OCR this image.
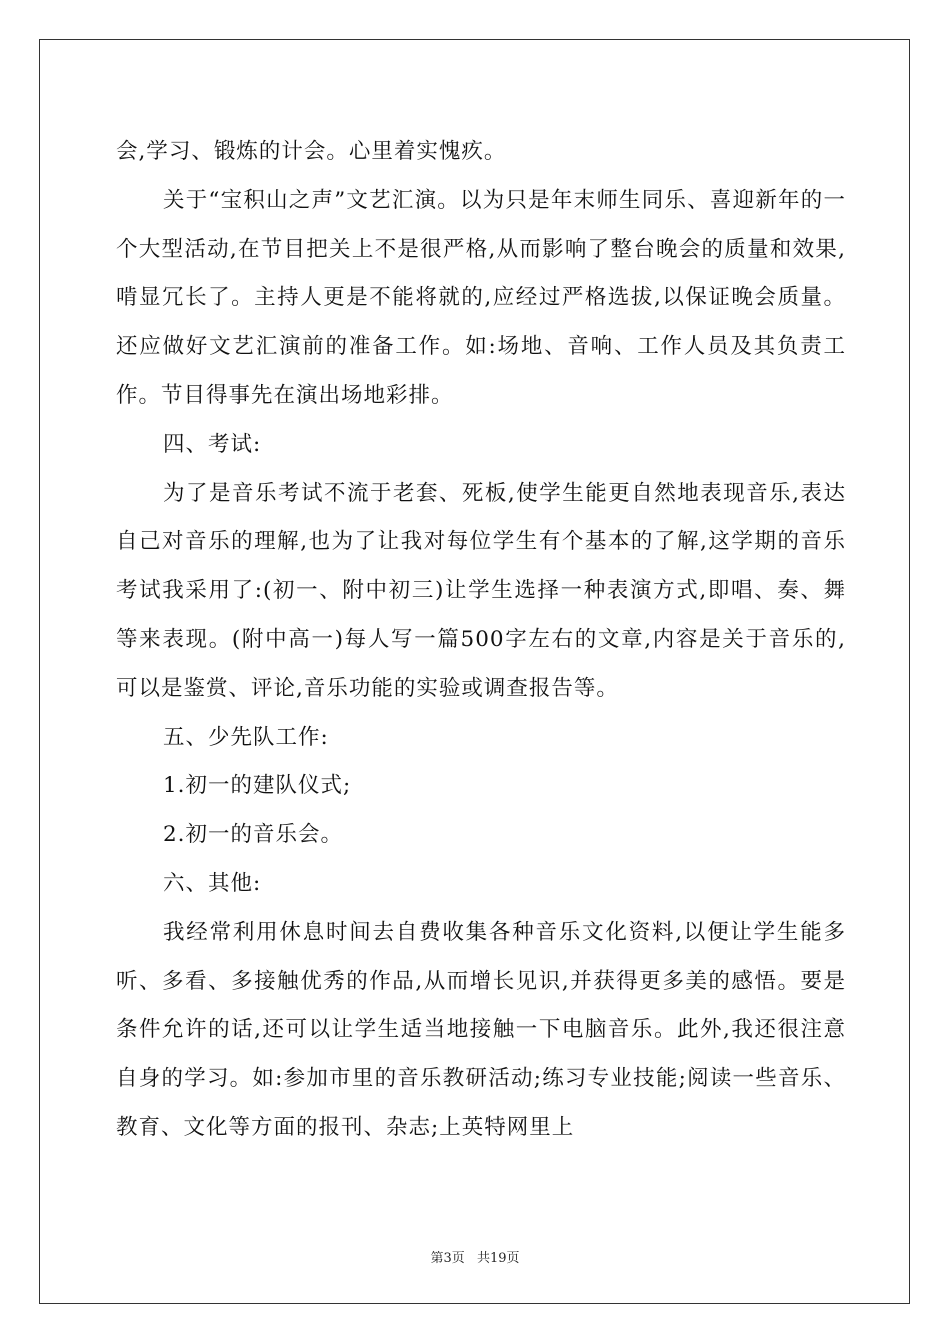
会,学习、锻炼的计会。心里着实愧疚。

关于“宝积山之声”文艺汇演。以为只是年末师生同乐、喜迎新年的一个大型活动,在节目把关上不是很严格,从而影响了整台晚会的质量和效果,啃显冗长了。主持人更是不能将就的,应经过严格选拔,以保证晚会质量。还应做好文艺汇演前的准备工作。如:场地、音响、工作人员及其负责工作。节目得事先在演出场地彩排。

四、考试:

为了是音乐考试不流于老套、死板,使学生能更自然地表现音乐,表达自己对音乐的理解,也为了让我对每位学生有个基本的了解,这学期的音乐考试我采用了:(初一、附中初三)让学生选择一种表演方式,即唱、奏、舞等来表现。(附中高一)每人写一篇500字左右的文章,内容是关于音乐的,可以是鉴赏、评论,音乐功能的实验或调查报告等。

五、少先队工作:

1.初一的建队仪式;

2.初一的音乐会。

六、其他:

我经常利用休息时间去自费收集各种音乐文化资料,以便让学生能多听、多看、多接触优秀的作品,从而增长见识,并获得更多美的感悟。要是条件允许的话,还可以让学生适当地接触一下电脑音乐。此外,我还很注意自身的学习。如:参加市里的音乐教研活动;练习专业技能;阅读一些音乐、教育、文化等方面的报刊、杂志;上英特网里上

第3页 共19页
